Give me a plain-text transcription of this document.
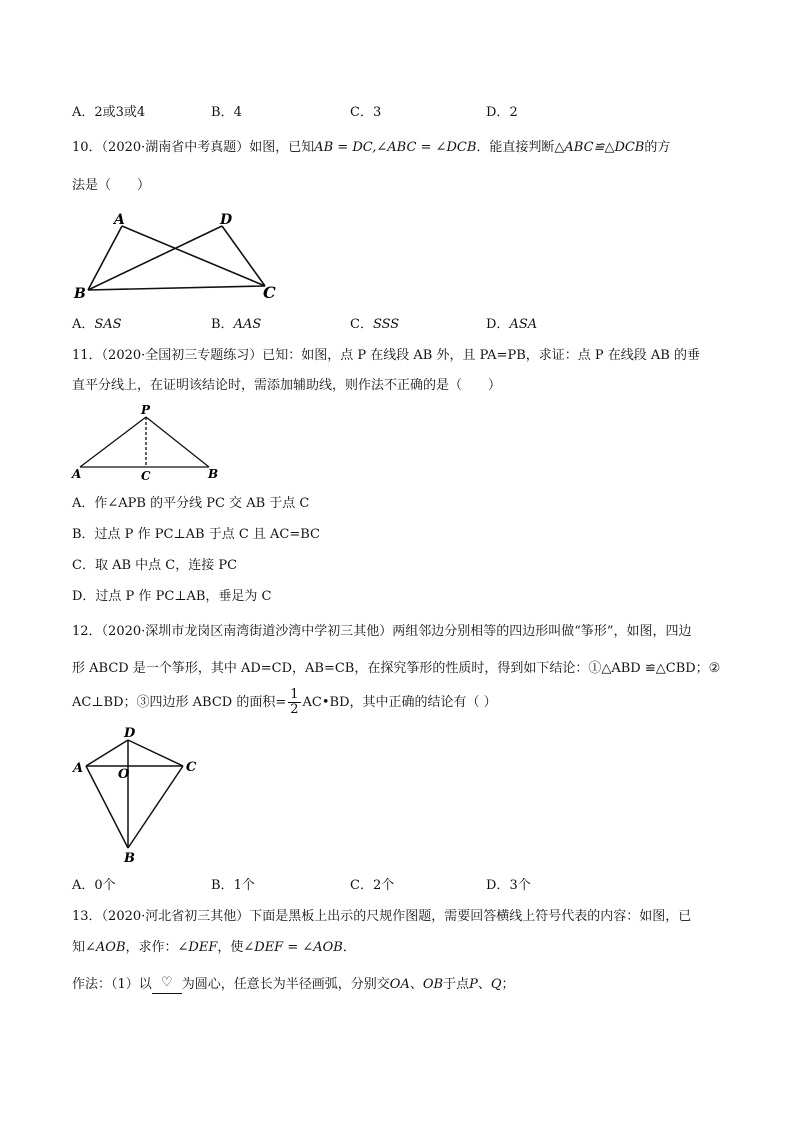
A．2或3或4	B．4	C．3	D．2
10．（2020·湖南省中考真题）如图，已知AB = DC,∠ABC = ∠DCB．能直接判断△ABC≌△DCB的方
法是（　　）
A	D
B	C
A．SAS	B．AAS	C．SSS	D．ASA
11．（2020·全国初三专题练习）已知：如图，点 P 在线段 AB 外，且 PA=PB，求证：点 P 在线段 AB 的垂
直平分线上，在证明该结论时，需添加辅助线，则作法不正确的是（　　）
P
A	C	B
A．作∠APB 的平分线 PC 交 AB 于点 C
B．过点 P 作 PC⊥AB 于点 C 且 AC=BC
C．取 AB 中点 C，连接 PC
D．过点 P 作 PC⊥AB，垂足为 C
12．（2020·深圳市龙岗区南湾街道沙湾中学初三其他）两组邻边分别相等的四边形叫做“筝形”，如图，四边
形 ABCD 是一个筝形，其中 AD=CD，AB=CB，在探究筝形的性质时，得到如下结论：①△ABD ≌△CBD；②
AC⊥BD；③四边形 ABCD 的面积= $\frac{1}{2}$ AC•BD，其中正确的结论有（ ）
D
A	O	C
B
A．0个	B．1个	C．2个	D．3个
13．（2020·河北省初三其他）下面是黑板上出示的尺规作图题，需要回答横线上符号代表的内容：如图，已
知∠AOB，求作：∠DEF，使∠DEF = ∠AOB．
作法：（1）以 ♡ 为圆心，任意长为半径画弧，分别交OA、OB于点P、Q；
